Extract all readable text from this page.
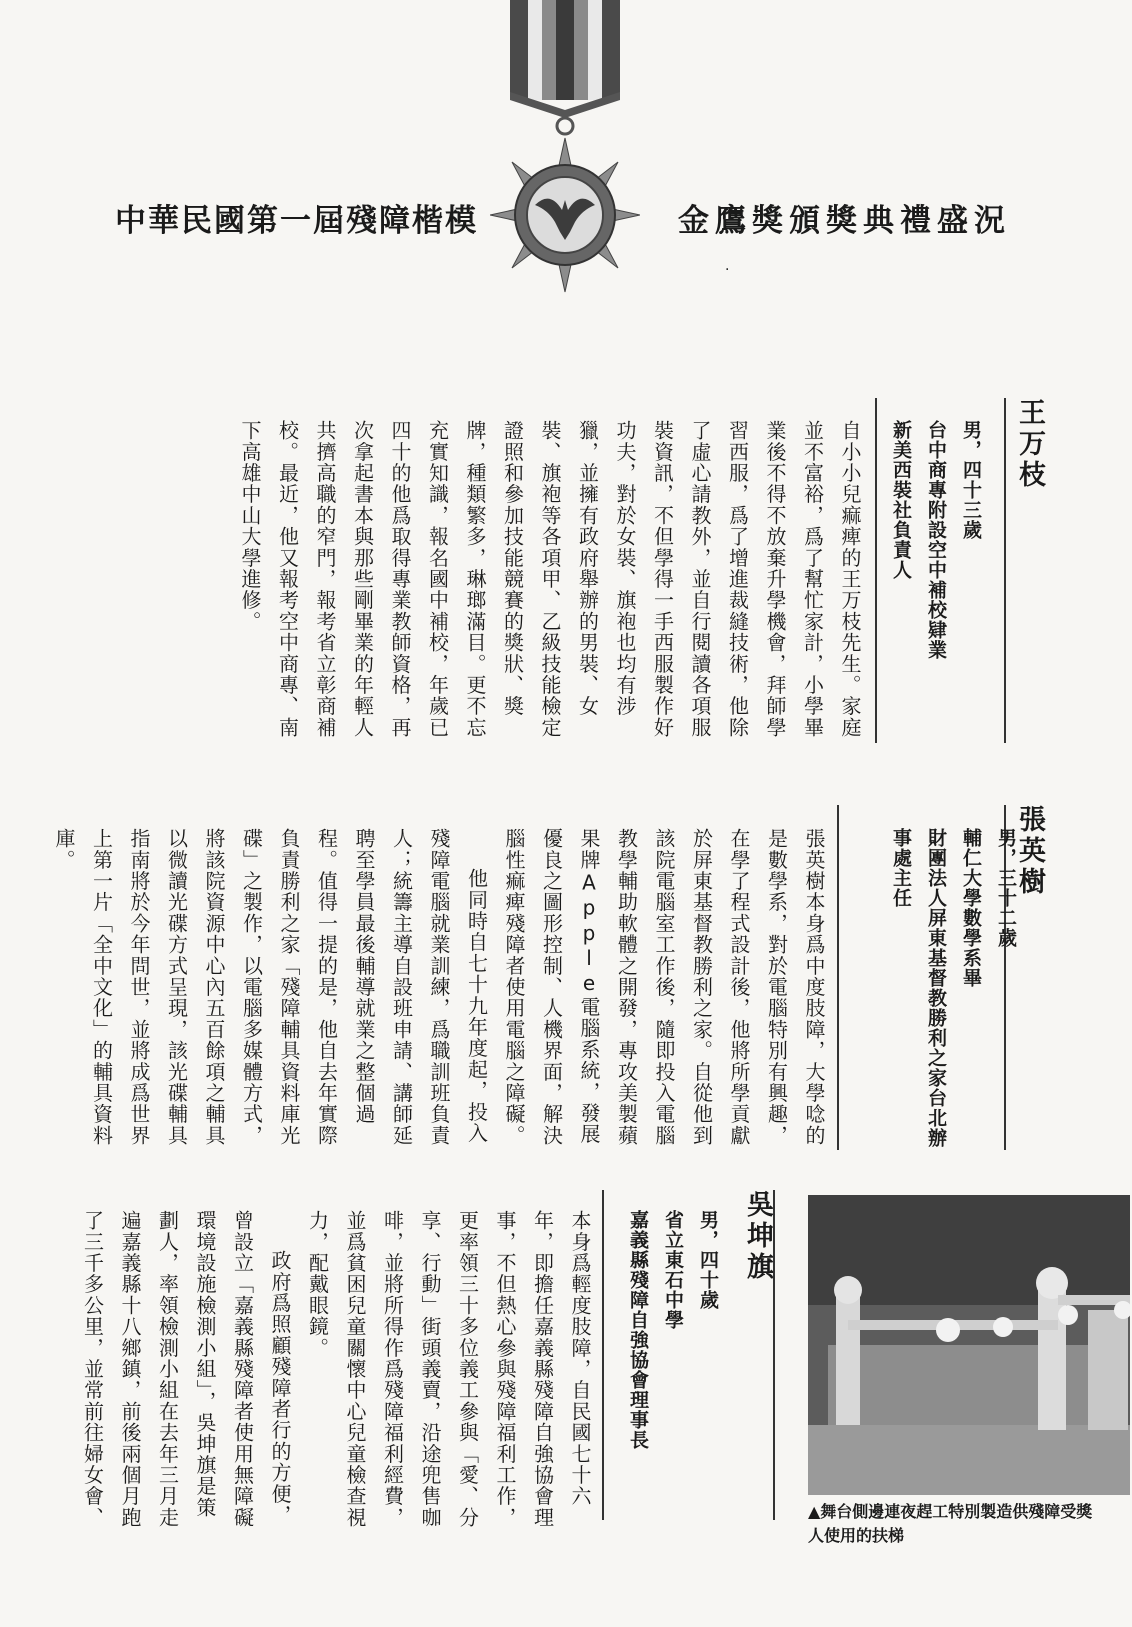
中華民國第一屆殘障楷模	金鷹獎頒獎典禮盛況
·
王万枝
男，四十三歲
台中商專附設空中補校肄業
新美西裝社負責人

自小小兒痲痺的王万枝先生。家庭並不富裕，爲了幫忙家計，小學畢業後不得不放棄升學機會，拜師學習西服，爲了增進裁縫技術，他除了虛心請教外，並自行閱讀各項服裝資訊，不但學得一手西服製作好功夫，對於女裝、旗袍也均有涉獵，並擁有政府舉辦的男裝、女裝、旗袍等各項甲、乙級技能檢定證照和參加技能競賽的獎狀、獎牌，種類繁多，琳瑯滿目。更不忘充實知識，報名國中補校，年歲已四十的他爲取得專業教師資格，再次拿起書本與那些剛畢業的年輕人共擠高職的窄門，報考省立彰商補校。最近，他又報考空中商專、南下高雄中山大學進修。

張英樹
男，三十二歲
輔仁大學數學系畢
財團法人屏東基督教勝利之家台北辦事處主任

張英樹本身爲中度肢障，大學唸的是數學系，對於電腦特別有興趣，在學了程式設計後，他將所學貢獻於屏東基督教勝利之家。自從他到該院電腦室工作後，隨即投入電腦教學輔助軟體之開發，專攻美製蘋果牌Apple電腦系統，發展優良之圖形控制、人機界面，解決腦性痲痺殘障者使用電腦之障礙。

他同時自七十九年度起，投入殘障電腦就業訓練，爲職訓班負責人；統籌主導自設班申請、講師延聘至學員最後輔導就業之整個過程。值得一提的是，他自去年實際負責勝利之家「殘障輔具資料庫光碟」之製作，以電腦多媒體方式，將該院資源中心內五百餘項之輔具以微讀光碟方式呈現，該光碟輔具指南將於今年問世，並將成爲世界上第一片「全中文化」的輔具資料庫。

吳坤旗
男，四十歲
省立東石中學
嘉義縣殘障自強協會理事長

本身爲輕度肢障，自民國七十六年，即擔任嘉義縣殘障自強協會理事，不但熱心參與殘障福利工作，更率領三十多位義工參與「愛、分享、行動」街頭義賣，沿途兜售咖啡，並將所得作爲殘障福利經費，並爲貧困兒童關懷中心兒童檢查視力，配戴眼鏡。

政府爲照顧殘障者行的方便，曾設立「嘉義縣殘障者使用無障礙環境設施檢測小組」，吳坤旗是策劃人，率領檢測小組在去年三月走遍嘉義縣十八鄉鎮，前後兩個月跑了三千多公里，並常前往婦女會、	▲舞台側邊連夜趕工特別製造供殘障受獎人使用的扶梯
